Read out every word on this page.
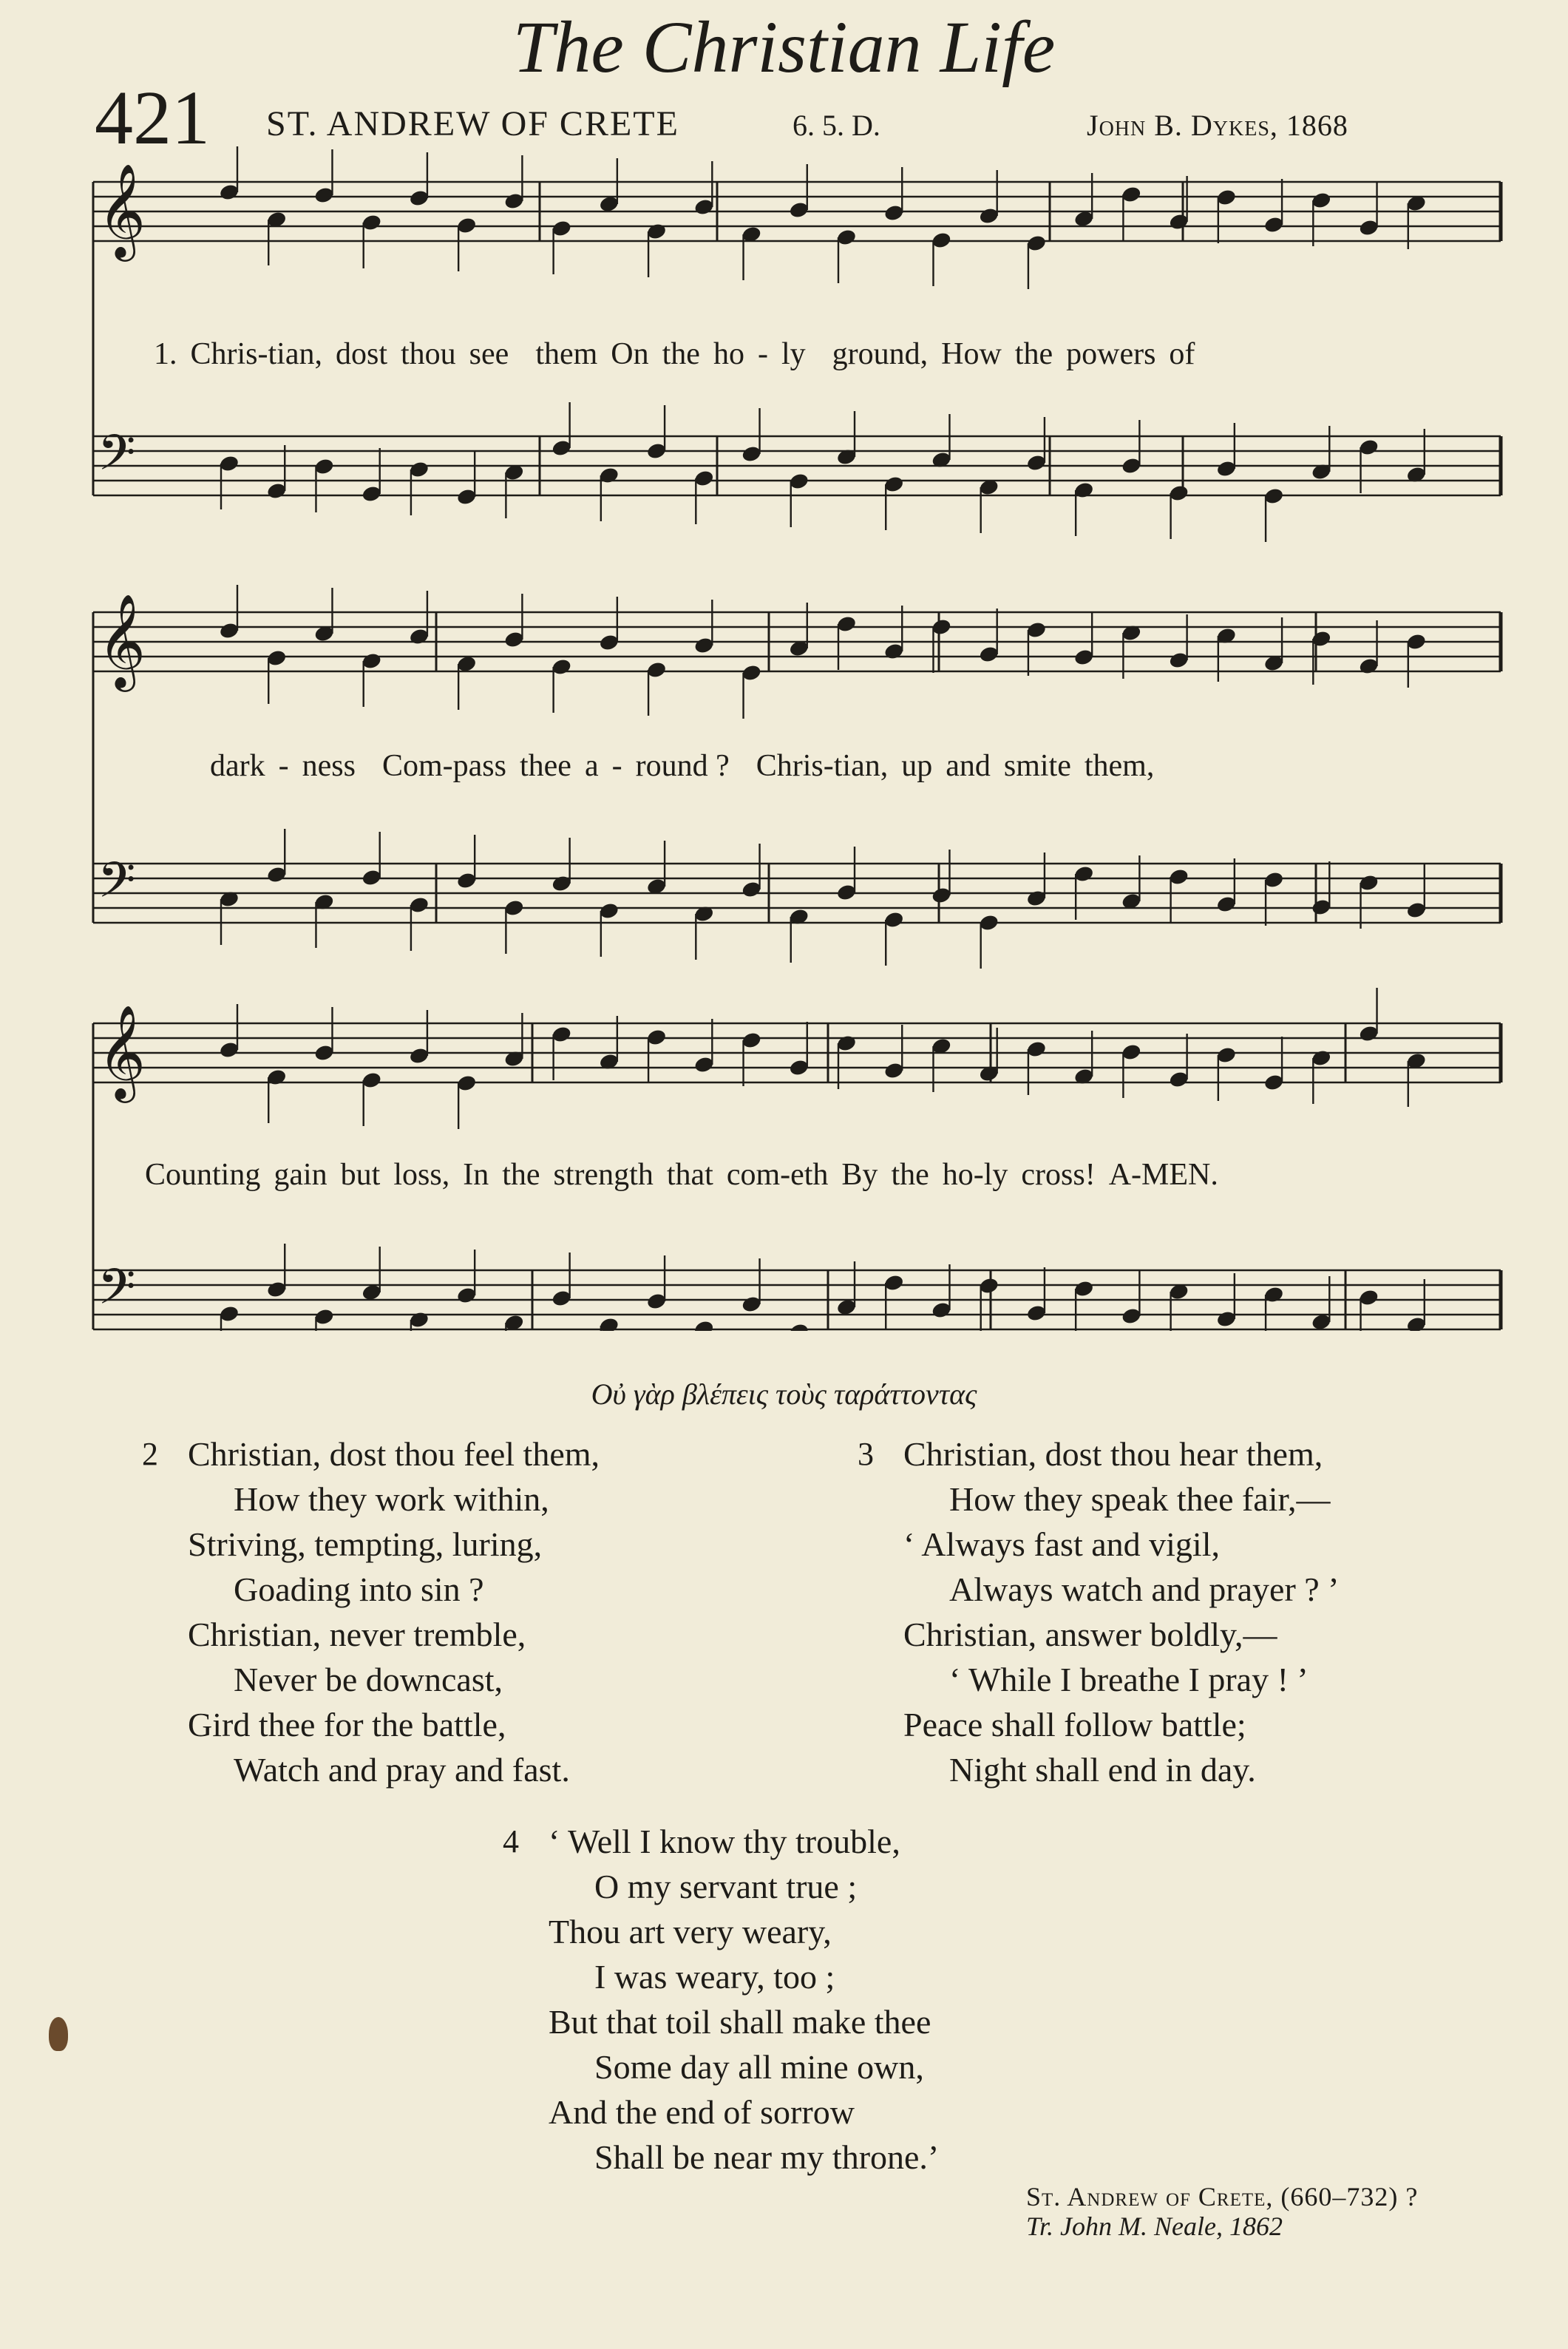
The Christian Life
421 ST. ANDREW OF CRETE	6. 5. D.	John B. Dykes, 1868
𝄞
𝄢
𝄞
𝄢
𝄞
𝄢
1. Chris-tian, dost thou see them On the ho - ly ground, How the powers of
dark - ness Com-pass thee a - round ? Chris-tian, up and smite them,
Counting gain but loss, In the strength that com-eth By the ho-ly cross! A-MEN.
Οὐ γὰρ βλέπεις τοὺς ταράττοντας
2 Christian, dost thou feel them,
How they work within,
Striving, tempting, luring,
Goading into sin ?
Christian, never tremble,
Never be downcast,
Gird thee for the battle,
Watch and pray and fast.
3 Christian, dost thou hear them,
How they speak thee fair,—
‘ Always fast and vigil,
Always watch and prayer ? ’
Christian, answer boldly,—
‘ While I breathe I pray ! ’
Peace shall follow battle;
Night shall end in day.
4 ‘ Well I know thy trouble,
O my servant true ;
Thou art very weary,
I was weary, too ;
But that toil shall make thee
Some day all mine own,
And the end of sorrow
Shall be near my throne.’
St. Andrew of Crete, (660–732) ?
Tr. John M. Neale, 1862
